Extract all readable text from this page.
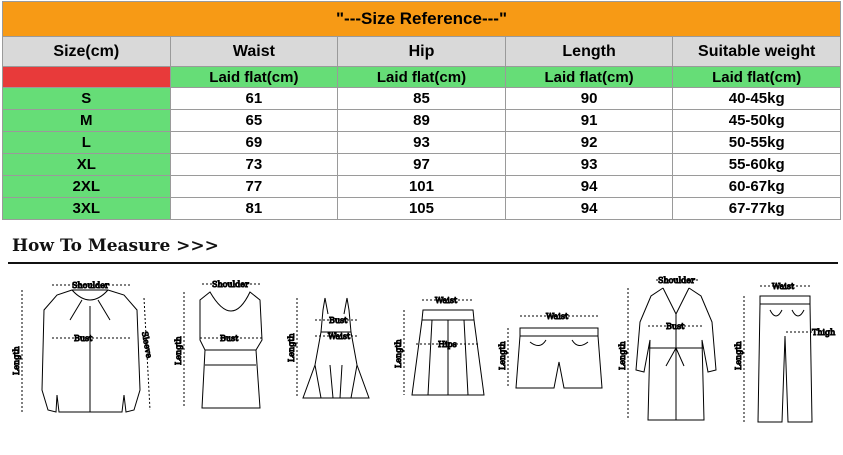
"---Size Reference---"				
Size(cm)	Waist	Hip	Length	Suitable weight
	Laid flat(cm)	Laid flat(cm)	Laid flat(cm)	Laid flat(cm)
S	61	85	90	40-45kg
M	65	89	91	45-50kg
L	69	93	92	50-55kg
XL	73	97	93	55-60kg
2XL	77	101	94	60-67kg
3XL	81	105	94	67-77kg
How To Measure >>>
Shoulder
Bust
Length
Sleeve
Shoulder
Bust
Length
Bust
Waist
Length
Waist
Hips
Length
Waist
Length
Shoulder
Bust
Length
Waist
Thigh
Length
